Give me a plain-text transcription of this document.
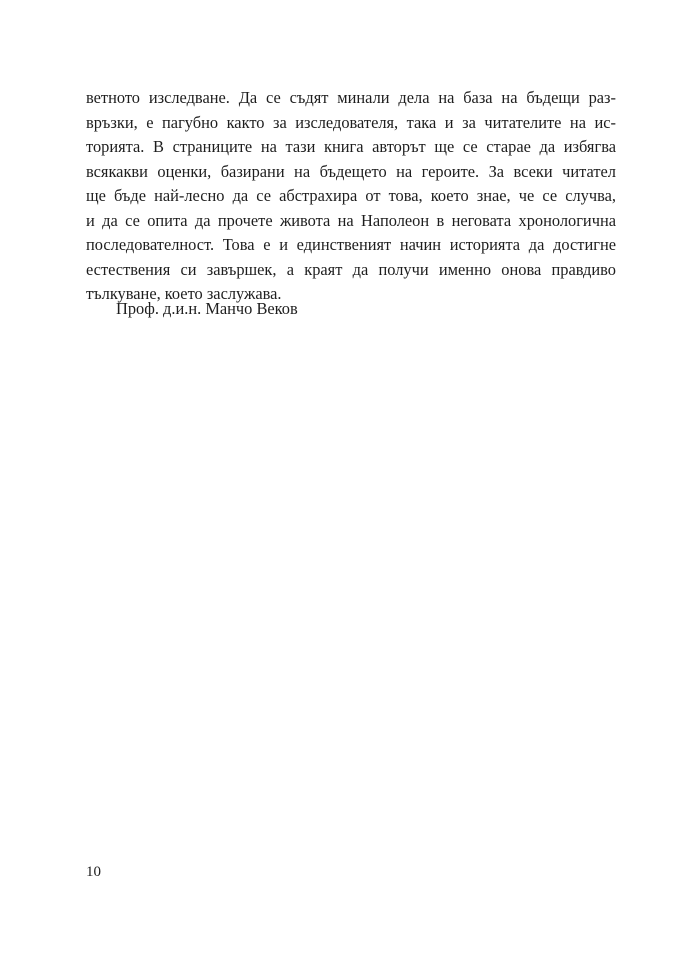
ветното изследване. Да се съдят минали дела на база на бъдещи раз-
връзки, е пагубно както за изследователя, така и за читателите на ис-
торията. В страниците на тази книга авторът ще се старае да избягва
всякакви оценки, базирани на бъдещето на героите. За всеки читател
ще бъде най-лесно да се абстрахира от това, което знае, че се случва,
и да се опита да прочете живота на Наполеон в неговата хронологична
последователност. Това е и единственият начин историята да достигне
естествения си завършек, а краят да получи именно онова правдиво
тълкуване, което заслужава.

Проф. д.и.н. Манчо Веков

10
